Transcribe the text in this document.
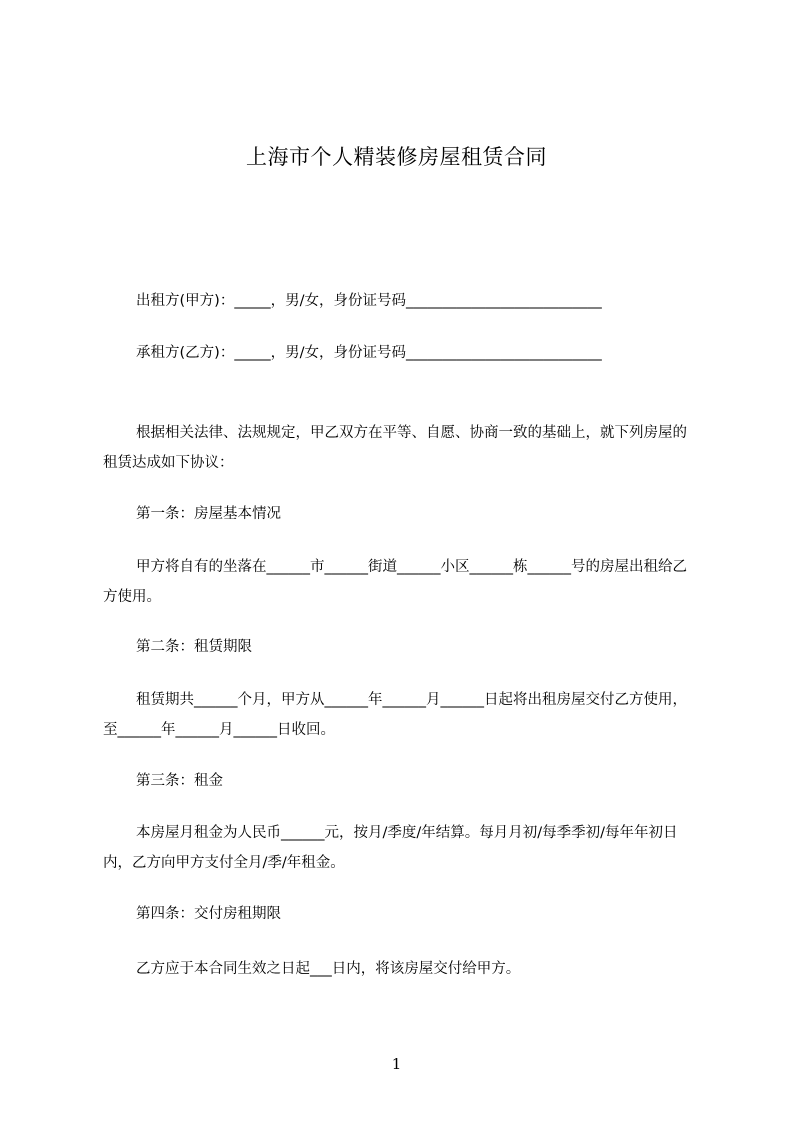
上海市个人精装修房屋租赁合同
出租方(甲方)：_____，男/女，身份证号码___________________________
承租方(乙方)：_____，男/女，身份证号码___________________________
根据相关法律、法规规定，甲乙双方在平等、自愿、协商一致的基础上，就下列房屋的租赁达成如下协议：
第一条：房屋基本情况
甲方将自有的坐落在______市______街道______小区______栋______号的房屋出租给乙方使用。
第二条：租赁期限
租赁期共______个月，甲方从______年______月______日起将出租房屋交付乙方使用，至______年______月______日收回。
第三条：租金
本房屋月租金为人民币______元，按月/季度/年结算。每月月初/每季季初/每年年初日内，乙方向甲方支付全月/季/年租金。
第四条：交付房租期限
乙方应于本合同生效之日起___日内，将该房屋交付给甲方。
1
